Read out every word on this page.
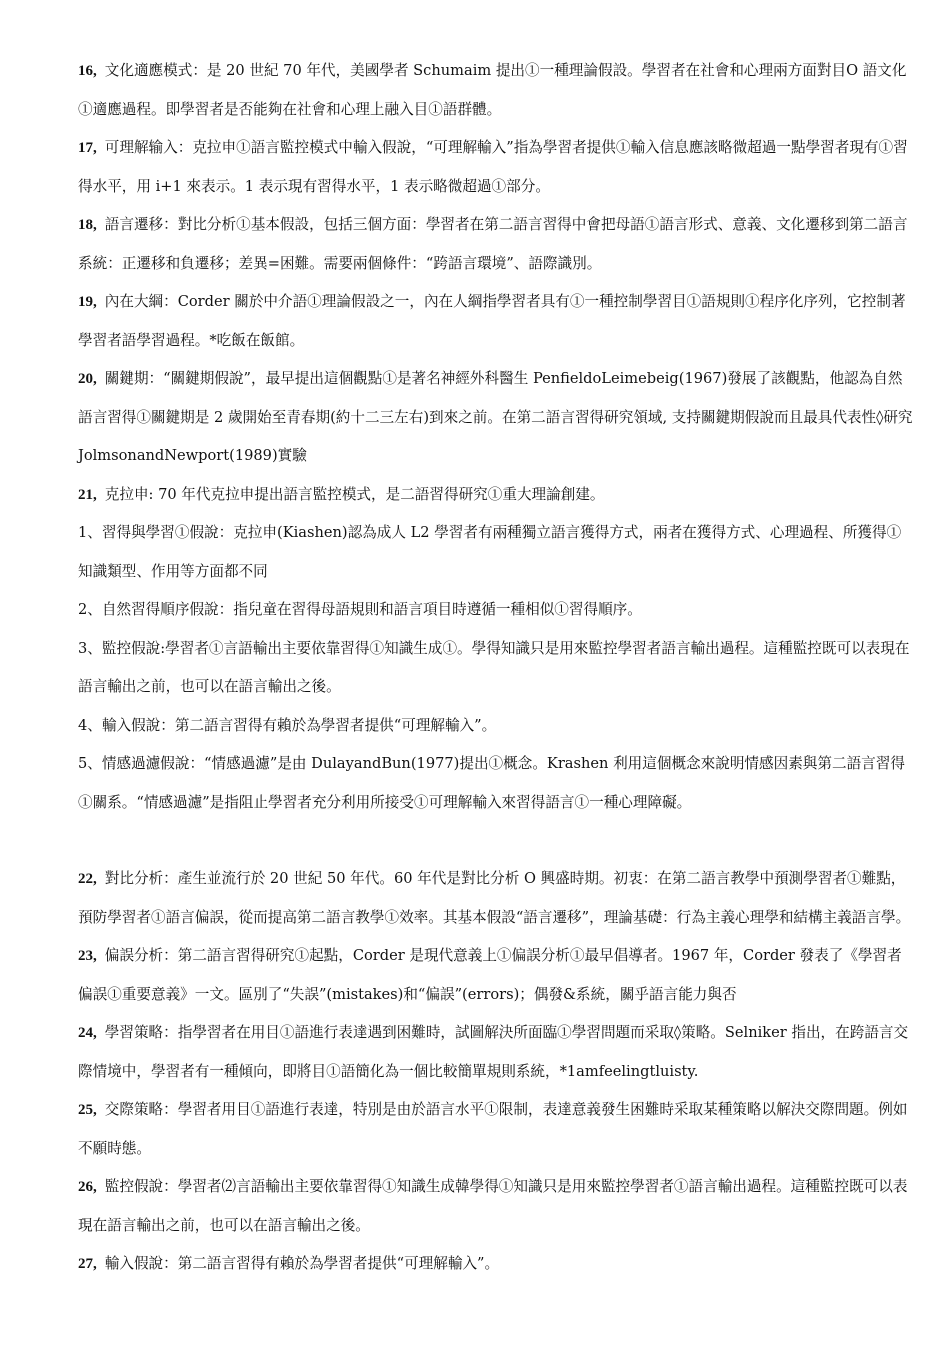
16, 文化適應模式：是 20 世紀 70 年代，美國學者 Schumaim 提出①一種理論假設。學習者在社會和心理兩方面對目O 語文化①適應過程。即學習者是否能夠在社會和心理上融入目①語群體。

17, 可理解输入：克拉申①語言監控模式中輸入假說，“可理解輸入”指為學習者提供①輸入信息應該略微超過一點學習者現有①習得水平，用 i+1 來表示。1 表示現有習得水平，1 表示略微超過①部分。

18, 語言遷移：對比分析①基本假設，包括三個方面：學習者在第二語言習得中會把母語①語言形式、意義、文化遷移到第二語言系統：正遷移和負遷移；差異=困難。需要兩個條件：“跨語言環境”、語際識別。

19, 內在大綱：Corder 關於中介語①理論假設之一，內在人綱指學習者具有①一種控制學習目①語規則①程序化序列，它控制著學習者語學習過程。*吃飯在飯館。

20, 關鍵期：“關鍵期假說”，最早提出這個觀點①是著名神經外科醫生 PenfieldoLeimebeig(1967)發展了該觀點，他認為自然語言習得①關鍵期是 2 歲開始至青春期(約十二三左右)到來之前。在第二語言習得研究領域, 支持關鍵期假說而且最具代表性◊研究 JolmsonandNewport(1989)實驗

21, 克拉申: 70 年代克拉申提出語言監控模式，是二語習得研究①重大理論創建。

1、習得與學習①假說：克拉申(Kiashen)認為成人 L2 學習者有兩種獨立語言獲得方式，兩者在獲得方式、心理過程、所獲得①知識類型、作用等方面都不同

2、自然習得順序假說：指兒童在習得母語規則和語言項目時遵循一種相似①習得順序。

3、監控假說:學習者①言語輸出主要依靠習得①知識生成①。學得知識只是用來監控學習者語言輸出過程。這種監控既可以表現在語言輸出之前，也可以在語言輸出之後。

4、輸入假說：第二語言習得有賴於為學習者提供“可理解輸入”。

5、情感過濾假說：“情感過濾”是由 DulayandBun(1977)提出①概念。Krashen 利用這個概念來說明情感因素與第二語言習得①關系。“情感過濾”是指阻止學習者充分利用所接受①可理解輸入來習得語言①一種心理障礙。

22, 對比分析：產生並流行於 20 世紀 50 年代。60 年代是對比分析 O 興盛時期。初衷：在第二語言教學中預測學習者①難點，預防學習者①語言偏誤，從而提高第二語言教學①效率。其基本假設“語言遷移”，理論基礎：行為主義心理學和結構主義語言學。

23, 偏誤分析：第二語言習得研究①起點，Corder 是現代意義上①偏誤分析①最早倡導者。1967 年，Corder 發表了《學習者偏誤①重要意義》一文。區別了“失誤”(mistakes)和“偏誤”(errors)；偶發&系統，關乎語言能力與否

24, 學習策略：指學習者在用目①語進行表達遇到困難時，試圖解決所面臨①學習問題而采取◊策略。Selniker 指出，在跨語言交際情境中，學習者有一種傾向，即將目①語簡化為一個比較簡單規則系統，*1amfeelingtluisty.

25, 交際策略：學習者用目①語進行表達，特別是由於語言水平①限制，表達意義發生困難時采取某種策略以解決交際問題。例如不願時態。

26, 監控假說：學習者⑵言語輸出主要依靠習得①知識生成韓學得①知識只是用來監控學習者①語言輸出過程。這種監控既可以表現在語言輸出之前，也可以在語言輸出之後。

27, 輸入假說：第二語言習得有賴於為學習者提供“可理解輸入”。
